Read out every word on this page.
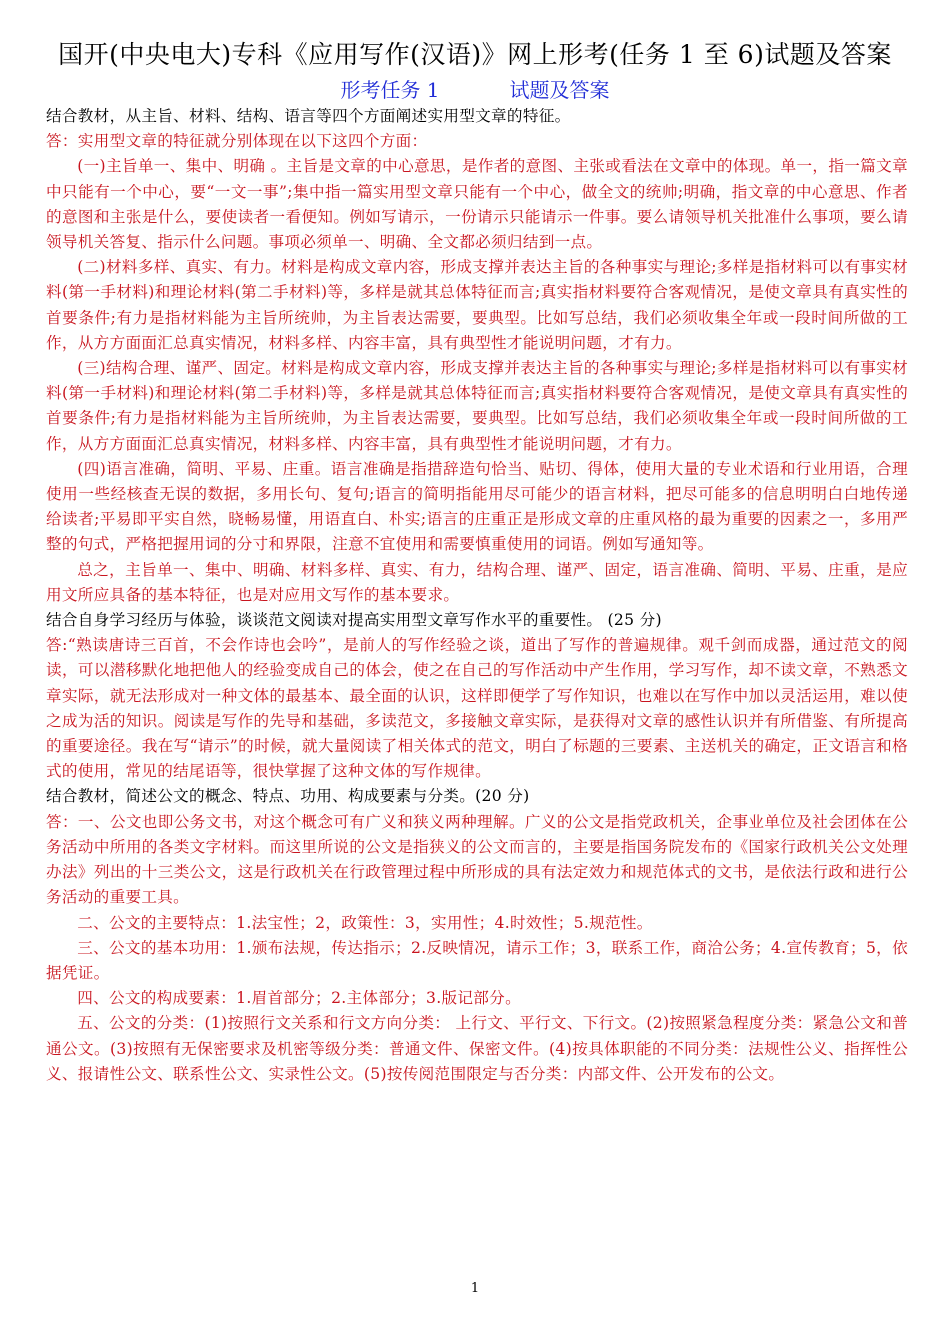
国开(中央电大)专科《应用写作(汉语)》网上形考(任务 1 至 6)试题及答案
形考任务 1	试题及答案

结合教材，从主旨、材料、结构、语言等四个方面阐述实用型文章的特征。

答：实用型文章的特征就分别体现在以下这四个方面：

(一)主旨单一、集中、明确 。主旨是文章的中心意思，是作者的意图、主张或看法在文章中的体现。单一，指一篇文章中只能有一个中心，要“一文一事”;集中指一篇实用型文章只能有一个中心，做全文的统帅;明确，指文章的中心意思、作者的意图和主张是什么，要使读者一看便知。例如写请示，一份请示只能请示一件事。要么请领导机关批准什么事项，要么请领导机关答复、指示什么问题。事项必须单一、明确、全文都必须归结到一点。

(二)材料多样、真实、有力。材料是构成文章内容，形成支撑并表达主旨的各种事实与理论;多样是指材料可以有事实材料(第一手材料)和理论材料(第二手材料)等，多样是就其总体特征而言;真实指材料要符合客观情况，是使文章具有真实性的首要条件;有力是指材料能为主旨所统帅，为主旨表达需要，要典型。比如写总结，我们必须收集全年或一段时间所做的工作，从方方面面汇总真实情况，材料多样、内容丰富，具有典型性才能说明问题，才有力。

(三)结构合理、谨严、固定。材料是构成文章内容，形成支撑并表达主旨的各种事实与理论;多样是指材料可以有事实材料(第一手材料)和理论材料(第二手材料)等，多样是就其总体特征而言;真实指材料要符合客观情况，是使文章具有真实性的首要条件;有力是指材料能为主旨所统帅，为主旨表达需要，要典型。比如写总结，我们必须收集全年或一段时间所做的工作，从方方面面汇总真实情况，材料多样、内容丰富，具有典型性才能说明问题，才有力。

(四)语言准确，简明、平易、庄重。语言准确是指措辞造句恰当、贴切、得体，使用大量的专业术语和行业用语，合理使用一些经核查无误的数据，多用长句、复句;语言的简明指能用尽可能少的语言材料，把尽可能多的信息明明白白地传递给读者;平易即平实自然，晓畅易懂，用语直白、朴实;语言的庄重正是形成文章的庄重风格的最为重要的因素之一，多用严整的句式，严格把握用词的分寸和界限，注意不宜使用和需要慎重使用的词语。例如写通知等。

总之，主旨单一、集中、明确、材料多样、真实、有力，结构合理、谨严、固定，语言准确、简明、平易、庄重，是应用文所应具备的基本特征，也是对应用文写作的基本要求。

结合自身学习经历与体验，谈谈范文阅读对提高实用型文章写作水平的重要性。 (25 分)

答:“熟读唐诗三百首，不会作诗也会吟”，是前人的写作经验之谈，道出了写作的普遍规律。观千剑而成器，通过范文的阅读，可以潜移默化地把他人的经验变成自己的体会，使之在自己的写作活动中产生作用，学习写作，却不读文章，不熟悉文章实际，就无法形成对一种文体的最基本、最全面的认识，这样即便学了写作知识，也难以在写作中加以灵活运用，难以使之成为活的知识。阅读是写作的先导和基础，多读范文，多接触文章实际，是获得对文章的感性认识并有所借鉴、有所提高的重要途径。我在写“请示”的时候，就大量阅读了相关体式的范文，明白了标题的三要素、主送机关的确定，正文语言和格式的使用，常见的结尾语等，很快掌握了这种文体的写作规律。

结合教材，简述公文的概念、特点、功用、构成要素与分类。(20 分)

答：一、公文也即公务文书，对这个概念可有广义和狭义两种理解。广义的公文是指党政机关，企事业单位及社会团体在公务活动中所用的各类文字材料。而这里所说的公文是指狭义的公文而言的，主要是指国务院发布的《国家行政机关公文处理办法》列出的十三类公文，这是行政机关在行政管理过程中所形成的具有法定效力和规范体式的文书，是依法行政和进行公务活动的重要工具。

二、公文的主要特点：1.法宝性；2，政策性：3，实用性；4.时效性；5.规范性。

三、公文的基本功用：1.颁布法规，传达指示；2.反映情况，请示工作；3，联系工作，商洽公务；4.宣传教育；5，依据凭证。

四、公文的构成要素：1.眉首部分；2.主体部分；3.版记部分。

五、公文的分类：(1)按照行文关系和行文方向分类： 上行文、平行文、下行文。(2)按照紧急程度分类：紧急公文和普通公文。(3)按照有无保密要求及机密等级分类：普通文件、保密文件。(4)按具体职能的不同分类：法规性公义、指挥性公义、报请性公文、联系性公文、实录性公文。(5)按传阅范围限定与否分类：内部文件、公开发布的公文。

1
